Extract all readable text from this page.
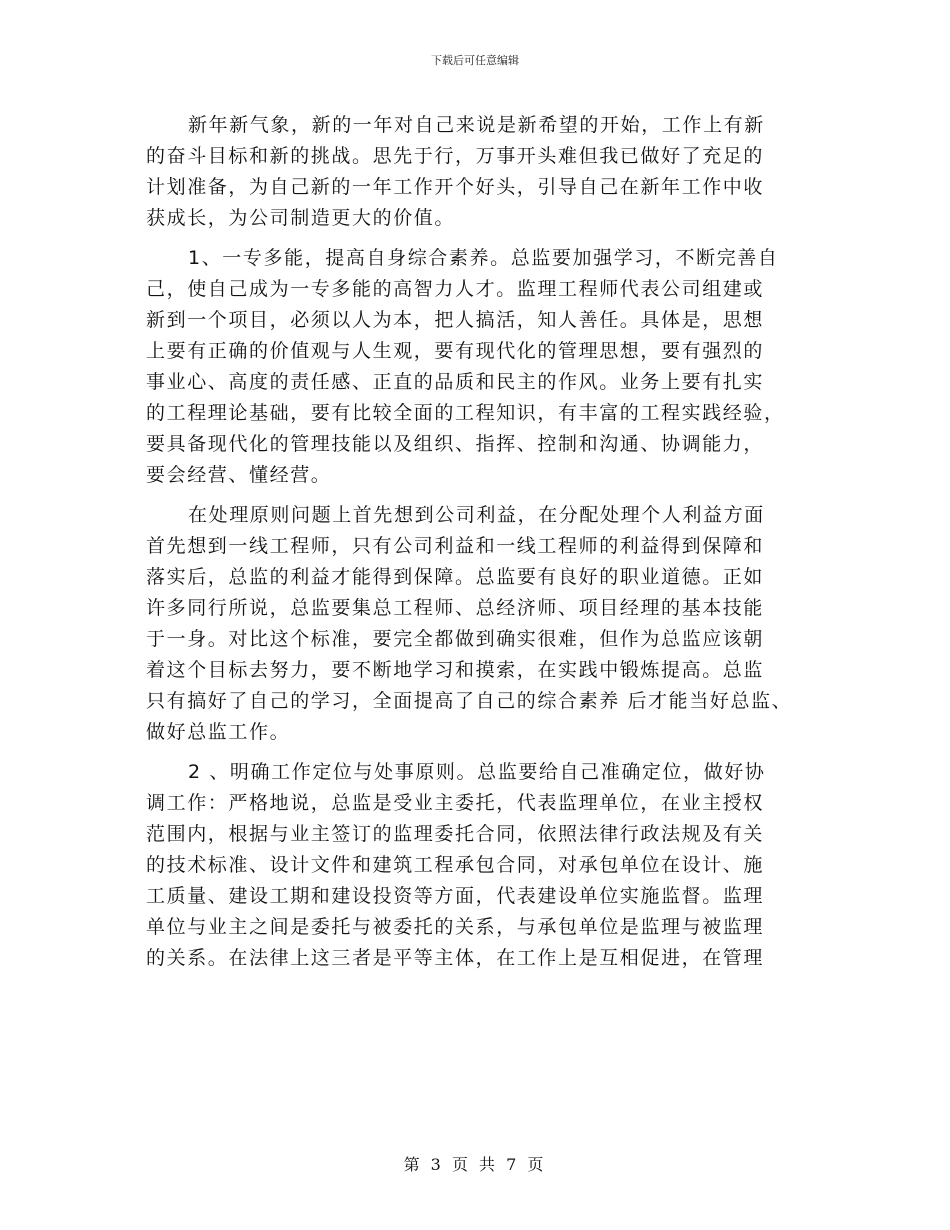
下载后可任意编辑
新年新气象，新的一年对自己来说是新希望的开始，工作上有新
的奋斗目标和新的挑战。思先于行，万事开头难但我已做好了充足的
计划准备，为自己新的一年工作开个好头，引导自己在新年工作中收
获成长，为公司制造更大的价值。
1、一专多能，提高自身综合素养。总监要加强学习，不断完善自
己，使自己成为一专多能的高智力人才。监理工程师代表公司组建或
新到一个项目，必须以人为本，把人搞活，知人善任。具体是，思想
上要有正确的价值观与人生观，要有现代化的管理思想，要有强烈的
事业心、高度的责任感、正直的品质和民主的作风。业务上要有扎实
的工程理论基础，要有比较全面的工程知识，有丰富的工程实践经验，
要具备现代化的管理技能以及组织、指挥、控制和沟通、协调能力，
要会经营、懂经营。
在处理原则问题上首先想到公司利益，在分配处理个人利益方面
首先想到一线工程师，只有公司利益和一线工程师的利益得到保障和
落实后，总监的利益才能得到保障。总监要有良好的职业道德。正如
许多同行所说，总监要集总工程师、总经济师、项目经理的基本技能
于一身。对比这个标准，要完全都做到确实很难，但作为总监应该朝
着这个目标去努力，要不断地学习和摸索，在实践中锻炼提高。总监
只有搞好了自己的学习，全面提高了自己的综合素养 后才能当好总监、
做好总监工作。
2 、明确工作定位与处事原则。总监要给自己准确定位，做好协
调工作：严格地说，总监是受业主委托，代表监理单位，在业主授权
范围内，根据与业主签订的监理委托合同，依照法律行政法规及有关
的技术标准、设计文件和建筑工程承包合同，对承包单位在设计、施
工质量、建设工期和建设投资等方面，代表建设单位实施监督。监理
单位与业主之间是委托与被委托的关系，与承包单位是监理与被监理
的关系。在法律上这三者是平等主体，在工作上是互相促进，在管理
第 3 页 共 7 页
